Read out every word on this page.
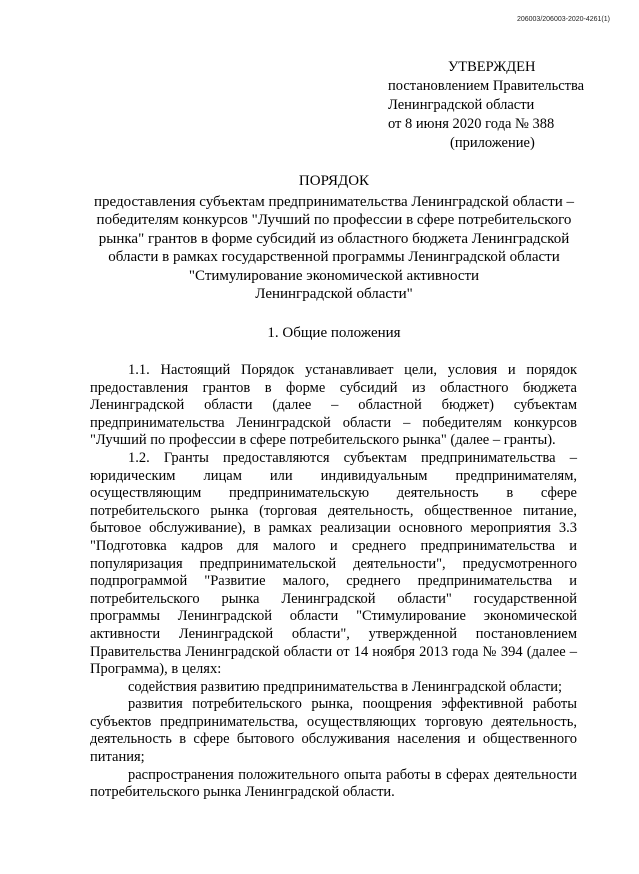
206003/206003-2020-4261(1)
УТВЕРЖДЕН
постановлением Правительства
Ленинградской области
от 8 июня 2020 года № 388
(приложение)
ПОРЯДОК
предоставления субъектам предпринимательства Ленинградской области –
победителям конкурсов "Лучший по профессии в сфере потребительского
рынка" грантов в форме субсидий из областного бюджета Ленинградской
области в рамках государственной программы Ленинградской области
"Стимулирование экономической активности
Ленинградской области"
1. Общие положения

1.1. Настоящий Порядок устанавливает цели, условия и порядок предоставления грантов в форме субсидий из областного бюджета Ленинградской области (далее – областной бюджет) субъектам предпринимательства Ленинградской области – победителям конкурсов "Лучший по профессии в сфере потребительского рынка" (далее – гранты).

1.2. Гранты предоставляются субъектам предпринимательства – юридическим лицам или индивидуальным предпринимателям, осуществляющим предпринимательскую деятельность в сфере потребительского рынка (торговая деятельность, общественное питание, бытовое обслуживание), в рамках реализации основного мероприятия 3.3 "Подготовка кадров для малого и среднего предпринимательства и популяризация предпринимательской деятельности", предусмотренного подпрограммой "Развитие малого, среднего предпринимательства и потребительского рынка Ленинградской области" государственной программы Ленинградской области "Стимулирование экономической активности Ленинградской области", утвержденной постановлением Правительства Ленинградской области от 14 ноября 2013 года № 394 (далее – Программа), в целях:

содействия развитию предпринимательства в Ленинградской области;

развития потребительского рынка, поощрения эффективной работы субъектов предпринимательства, осуществляющих торговую деятельность, деятельность в сфере бытового обслуживания населения и общественного питания;

распространения положительного опыта работы в сферах деятельности потребительского рынка Ленинградской области.
